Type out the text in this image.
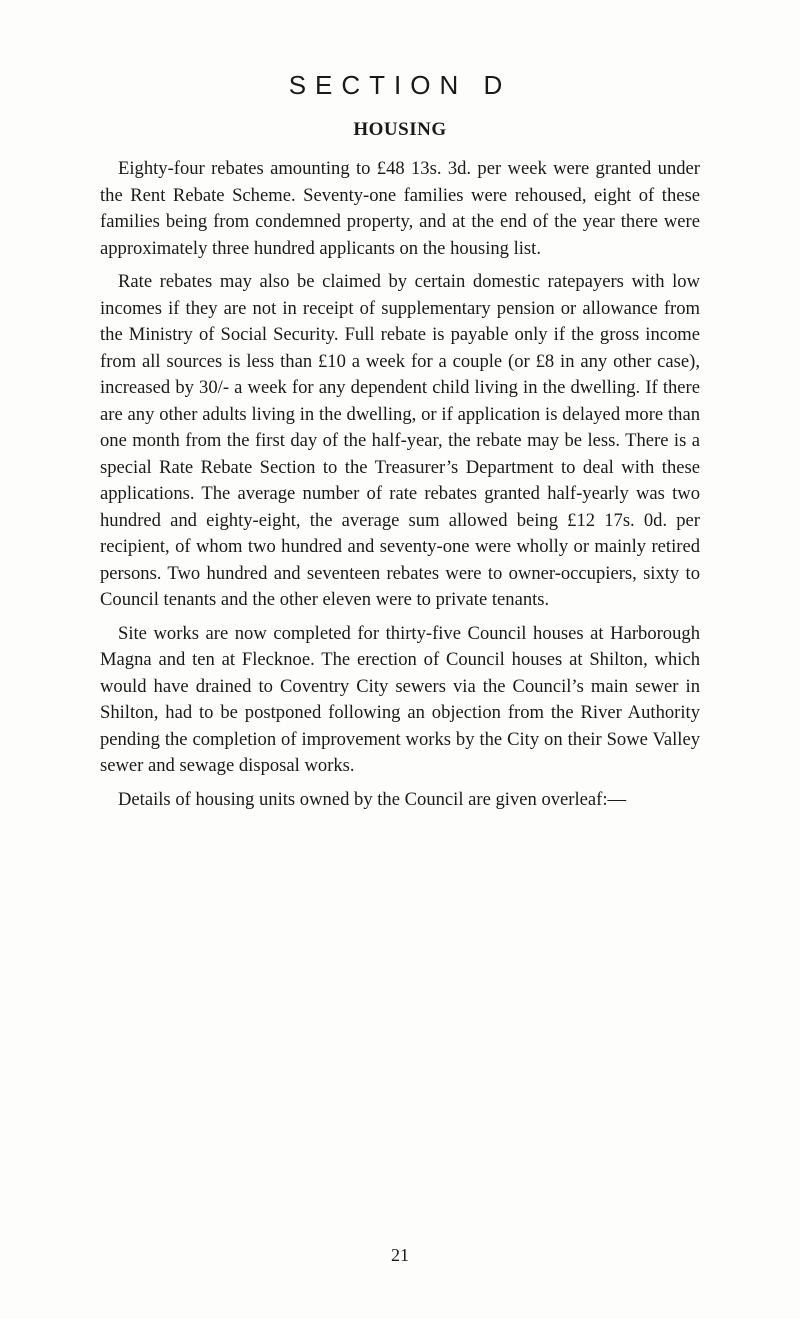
SECTION D
HOUSING

Eighty-four rebates amounting to £48 13s. 3d. per week were granted under the Rent Rebate Scheme. Seventy-one families were rehoused, eight of these families being from condemned property, and at the end of the year there were approximately three hundred applicants on the housing list.

Rate rebates may also be claimed by certain domestic ratepayers with low incomes if they are not in receipt of supplementary pension or allowance from the Ministry of Social Security. Full rebate is payable only if the gross income from all sources is less than £10 a week for a couple (or £8 in any other case), increased by 30/- a week for any dependent child living in the dwelling. If there are any other adults living in the dwelling, or if application is delayed more than one month from the first day of the half-year, the rebate may be less. There is a special Rate Rebate Section to the Treasurer’s Department to deal with these applications. The average number of rate rebates granted half-yearly was two hundred and eighty-eight, the average sum allowed being £12 17s. 0d. per recipient, of whom two hundred and seventy-one were wholly or mainly retired persons. Two hundred and seventeen rebates were to owner-occupiers, sixty to Council tenants and the other eleven were to private tenants.

Site works are now completed for thirty-five Council houses at Harborough Magna and ten at Flecknoe. The erection of Council houses at Shilton, which would have drained to Coventry City sewers via the Council’s main sewer in Shilton, had to be postponed following an objection from the River Authority pending the completion of improvement works by the City on their Sowe Valley sewer and sewage disposal works.

Details of housing units owned by the Council are given overleaf:—

21
